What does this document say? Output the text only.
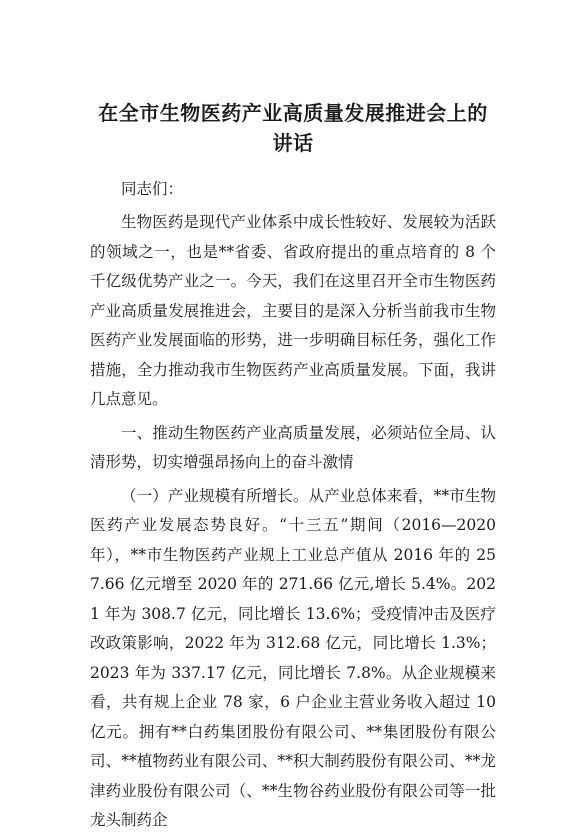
在全市生物医药产业高质量发展推进会上的讲话

同志们：

生物医药是现代产业体系中成长性较好、发展较为活跃的领域之一，也是**省委、省政府提出的重点培育的 8 个千亿级优势产业之一。今天，我们在这里召开全市生物医药产业高质量发展推进会，主要目的是深入分析当前我市生物医药产业发展面临的形势，进一步明确目标任务，强化工作措施，全力推动我市生物医药产业高质量发展。下面，我讲几点意见。

一、推动生物医药产业高质量发展，必须站位全局、认清形势，切实增强昂扬向上的奋斗激情

（一）产业规模有所增长。从产业总体来看，**市生物医药产业发展态势良好。“十三五”期间（2016—2020 年），**市生物医药产业规上工业总产值从 2016 年的 257.66 亿元增至 2020 年的 271.66 亿元,增长 5.4%。2021 年为 308.7 亿元，同比增长 13.6%；受疫情冲击及医疗改政策影响，2022 年为 312.68 亿元，同比增长 1.3%；2023 年为 337.17 亿元，同比增长 7.8%。从企业规模来看，共有规上企业 78 家，6 户企业主营业务收入超过 10 亿元。拥有**白药集团股份有限公司、**集团股份有限公司、**植物药业有限公司、**积大制药股份有限公司、**龙津药业股份有限公司（、**生物谷药业股份有限公司等一批龙头制药企
